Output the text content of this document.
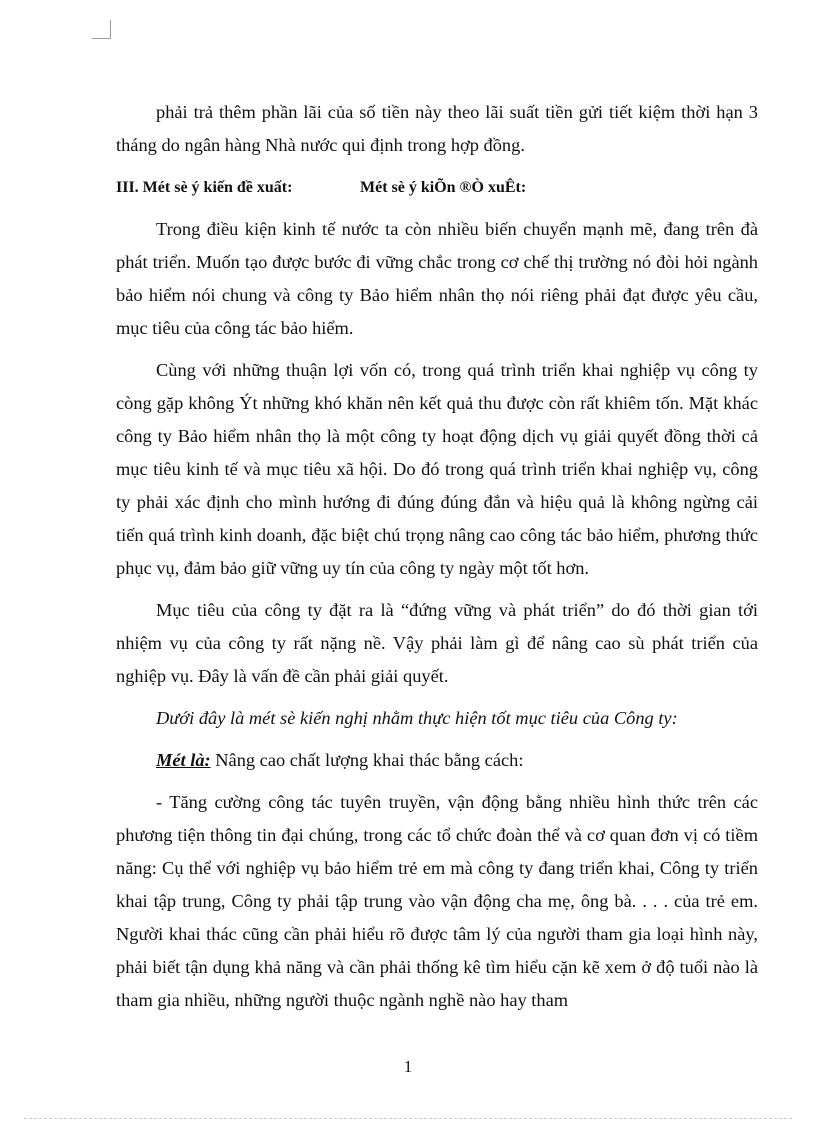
phải trả thêm phần lãi của số tiền này theo lãi suất tiền gửi tiết kiệm thời hạn 3 tháng do ngân hàng Nhà nước qui định trong hợp đồng.

III. Mét sè ý kiến đề xuất:	Mét sè ý kiÕn ®Ò xuÊt:

Trong điều kiện kinh tế nước ta còn nhiều biến chuyển mạnh mẽ, đang trên đà phát triển. Muốn tạo được bước đi vững chắc trong cơ chế thị trường nó đòi hỏi ngành bảo hiểm nói chung và công ty Bảo hiểm nhân thọ nói riêng phải đạt được yêu cầu, mục tiêu của công tác bảo hiểm.

Cùng với những thuận lợi vốn có, trong quá trình triển khai nghiệp vụ công ty còng gặp không Ýt những khó khăn nên kết quả thu được còn rất khiêm tốn. Mặt khác công ty Bảo hiểm nhân thọ là một công ty hoạt động dịch vụ giải quyết đồng thời cả mục tiêu kinh tế và mục tiêu xã hội. Do đó trong quá trình triển khai nghiệp vụ, công ty phải xác định cho mình hướng đi đúng đúng đắn và hiệu quả là không ngừng cải tiến quá trình kinh doanh, đặc biệt chú trọng nâng cao công tác bảo hiểm, phương thức phục vụ, đảm bảo giữ vững uy tín của công ty ngày một tốt hơn.

Mục tiêu của công ty đặt ra là “đứng vững và phát triển” do đó thời gian tới nhiệm vụ của công ty rất nặng nề. Vậy phải làm gì để nâng cao sù phát triển của nghiệp vụ. Đây là vấn đề cần phải giải quyết.

Dưới đây là mét sè kiến nghị nhằm thực hiện tốt mục tiêu của Công ty:

Mét là: Nâng cao chất lượng khai thác bằng cách:

- Tăng cường công tác tuyên truyền, vận động bằng nhiều hình thức trên các phương tiện thông tin đại chúng, trong các tổ chức đoàn thể và cơ quan đơn vị có tiềm năng: Cụ thể với nghiệp vụ bảo hiểm trẻ em mà công ty đang triển khai, Công ty triển khai tập trung, Công ty phải tập trung vào vận động cha mẹ, ông bà. . . . của trẻ em. Người khai thác cũng cần phải hiểu rõ được tâm lý của người tham gia loại hình này, phải biết tận dụng khả năng và cần phải thống kê tìm hiểu cặn kẽ xem ở độ tuổi nào là tham gia nhiều, những người thuộc ngành nghề nào hay tham

1
